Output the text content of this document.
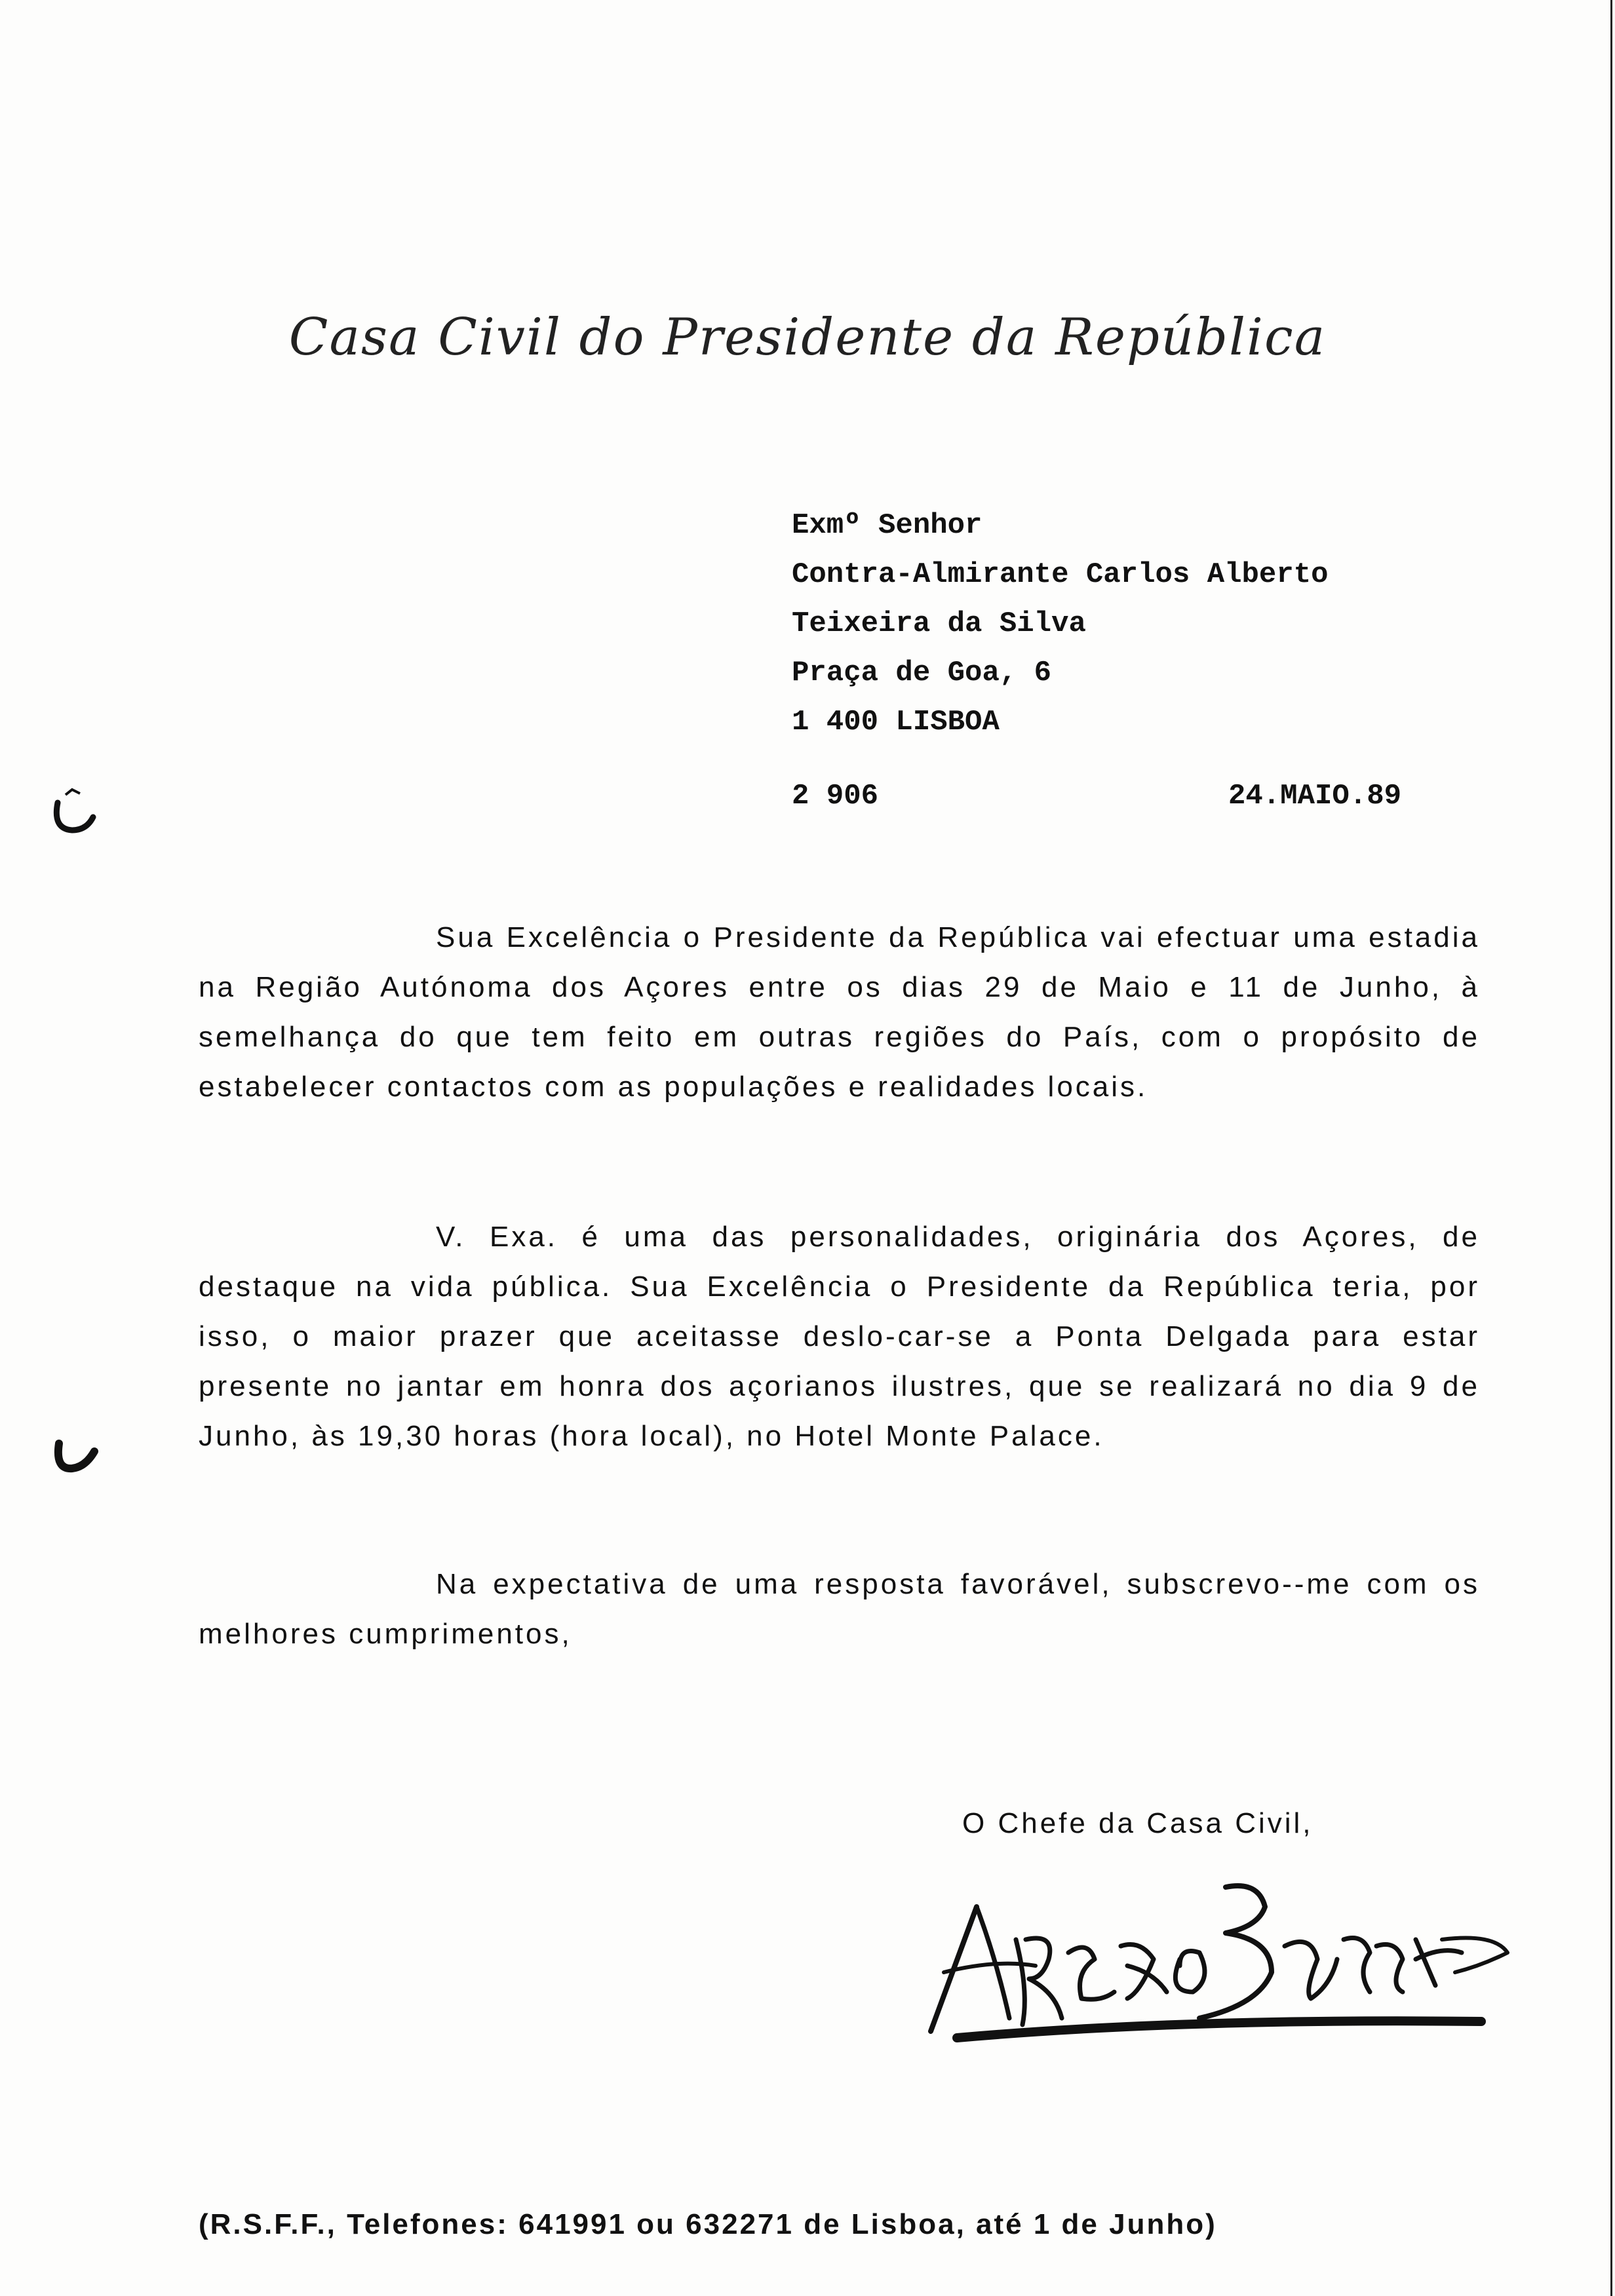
Casa Civil do Presidente da República
Exmº Senhor
Contra-Almirante Carlos Alberto
Teixeira da Silva
Praça de Goa, 6
1 400 LISBOA
2 906	24.MAIO.89

Sua Excelência o Presidente da República vai efectuar uma estadia na Região Autónoma dos Açores entre os dias 29 de Maio e 11 de Junho, à semelhança do que tem feito em outras regiões do País, com o propósito de estabelecer contactos com as populações e realidades locais.

V. Exa. é uma das personalidades, originária dos Açores, de destaque na vida pública. Sua Excelência o Presidente da República teria, por isso, o maior prazer que aceitasse deslo-car-se a Ponta Delgada para estar presente no jantar em honra dos açorianos ilustres, que se realizará no dia 9 de Junho, às 19,30 horas (hora local), no Hotel Monte Palace.

Na expectativa de uma resposta favorável, subscrevo--me com os melhores cumprimentos,

O Chefe da Casa Civil,
(R.S.F.F., Telefones: 641991 ou 632271 de Lisboa, até 1 de Junho)
